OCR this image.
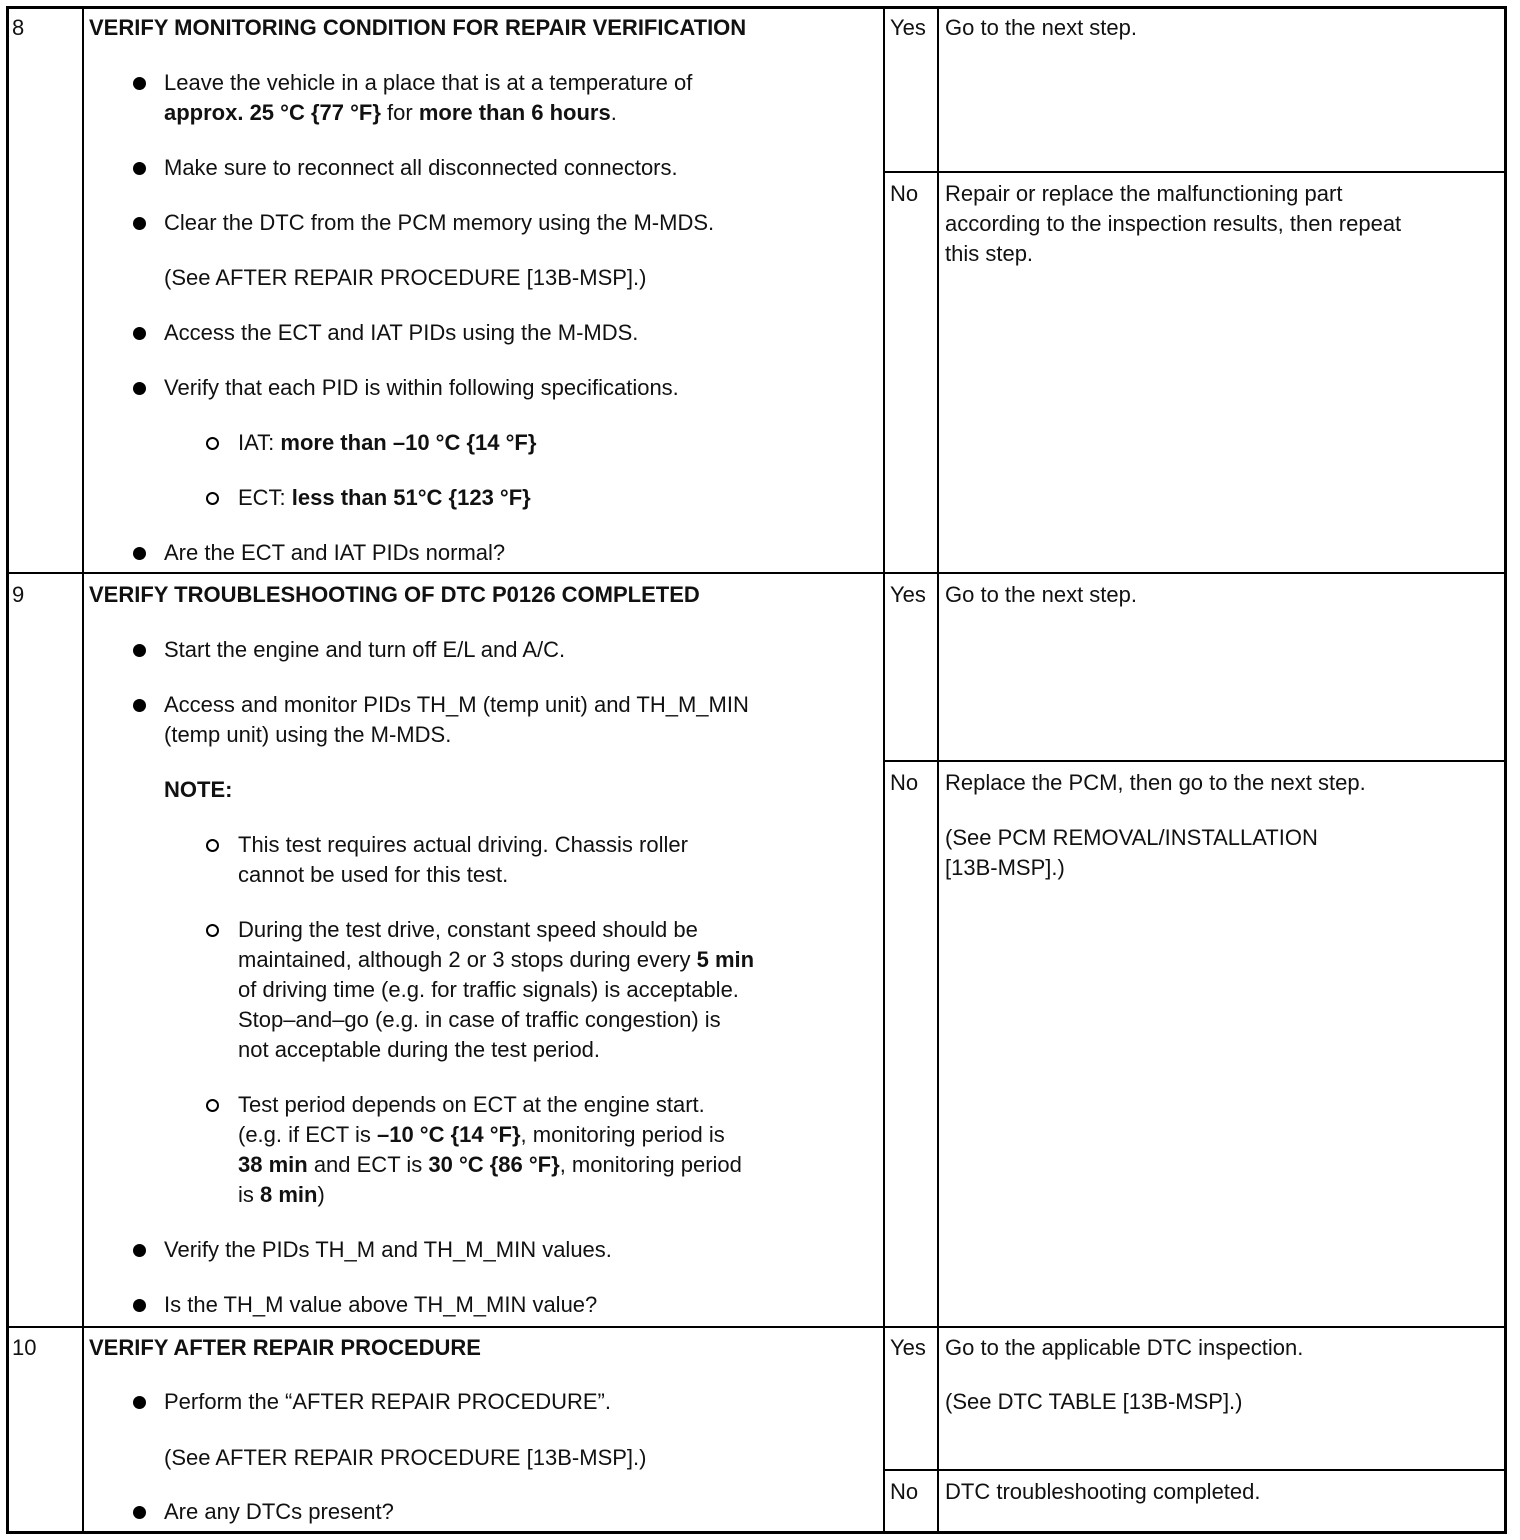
8	VERIFY MONITORING CONDITION FOR REPAIR VERIFICATION
Leave the vehicle in a place that is at a temperature of
approx. 25 °C {77 °F} for more than 6 hours.
Make sure to reconnect all disconnected connectors.
Clear the DTC from the PCM memory using the M-MDS.
(See AFTER REPAIR PROCEDURE [13B-MSP].)
Access the ECT and IAT PIDs using the M-MDS.
Verify that each PID is within following specifications.
IAT: more than –10 °C {14 °F}
ECT: less than 51°C {123 °F}
Are the ECT and IAT PIDs normal?
Yes Go to the next step.
No Repair or replace the malfunctioning part
according to the inspection results, then repeat
this step.
9	VERIFY TROUBLESHOOTING OF DTC P0126 COMPLETED
Start the engine and turn off E/L and A/C.
Access and monitor PIDs TH_M (temp unit) and TH_M_MIN
(temp unit) using the M-MDS.
NOTE:
This test requires actual driving. Chassis roller
cannot be used for this test.
During the test drive, constant speed should be
maintained, although 2 or 3 stops during every 5 min
of driving time (e.g. for traffic signals) is acceptable.
Stop–and–go (e.g. in case of traffic congestion) is
not acceptable during the test period.
Test period depends on ECT at the engine start.
(e.g. if ECT is –10 °C {14 °F}, monitoring period is
38 min and ECT is 30 °C {86 °F}, monitoring period
is 8 min)
Verify the PIDs TH_M and TH_M_MIN values.
Is the TH_M value above TH_M_MIN value?
Yes Go to the next step.
No Replace the PCM, then go to the next step.
(See PCM REMOVAL/INSTALLATION
[13B-MSP].)
10 VERIFY AFTER REPAIR PROCEDURE
Perform the “AFTER REPAIR PROCEDURE”.
(See AFTER REPAIR PROCEDURE [13B-MSP].)
Are any DTCs present?
Yes Go to the applicable DTC inspection.
(See DTC TABLE [13B-MSP].)
No DTC troubleshooting completed.
